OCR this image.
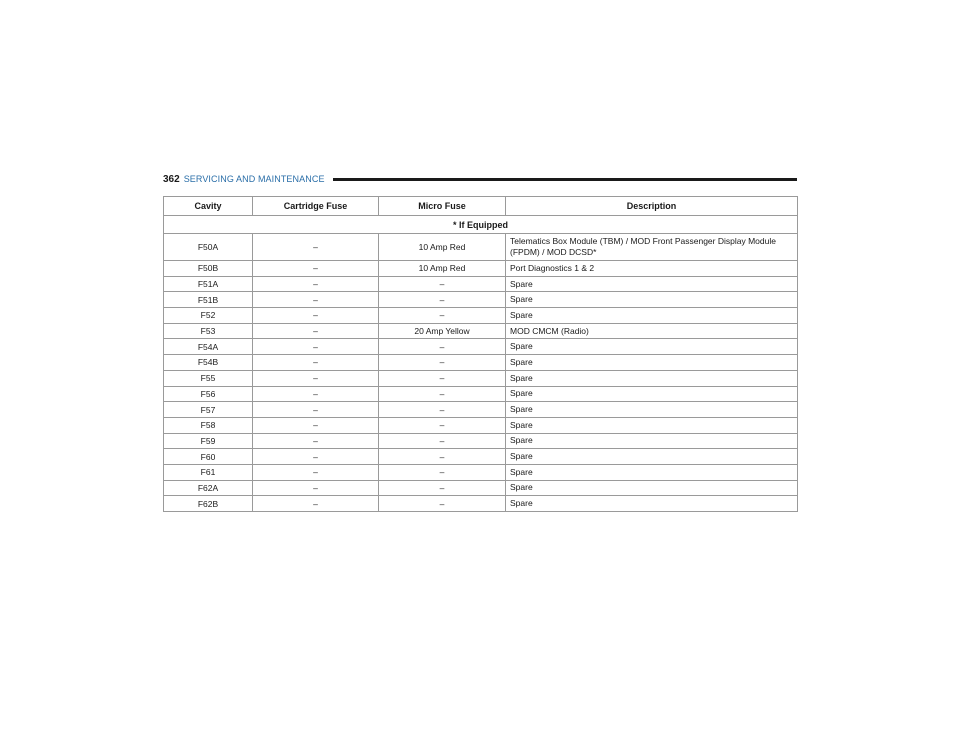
362 SERVICING AND MAINTENANCE
Cavity	Cartridge Fuse	Micro Fuse	Description
* If Equipped			
F50A	–	10 Amp Red	Telematics Box Module (TBM) / MOD Front Passenger Display Module (FPDM) / MOD DCSD*
F50B	–	10 Amp Red	Port Diagnostics 1 & 2
F51A	–	–	Spare
F51B	–	–	Spare
F52	–	–	Spare
F53	–	20 Amp Yellow	MOD CMCM (Radio)
F54A	–	–	Spare
F54B	–	–	Spare
F55	–	–	Spare
F56	–	–	Spare
F57	–	–	Spare
F58	–	–	Spare
F59	–	–	Spare
F60	–	–	Spare
F61	–	–	Spare
F62A	–	–	Spare
F62B	–	–	Spare
